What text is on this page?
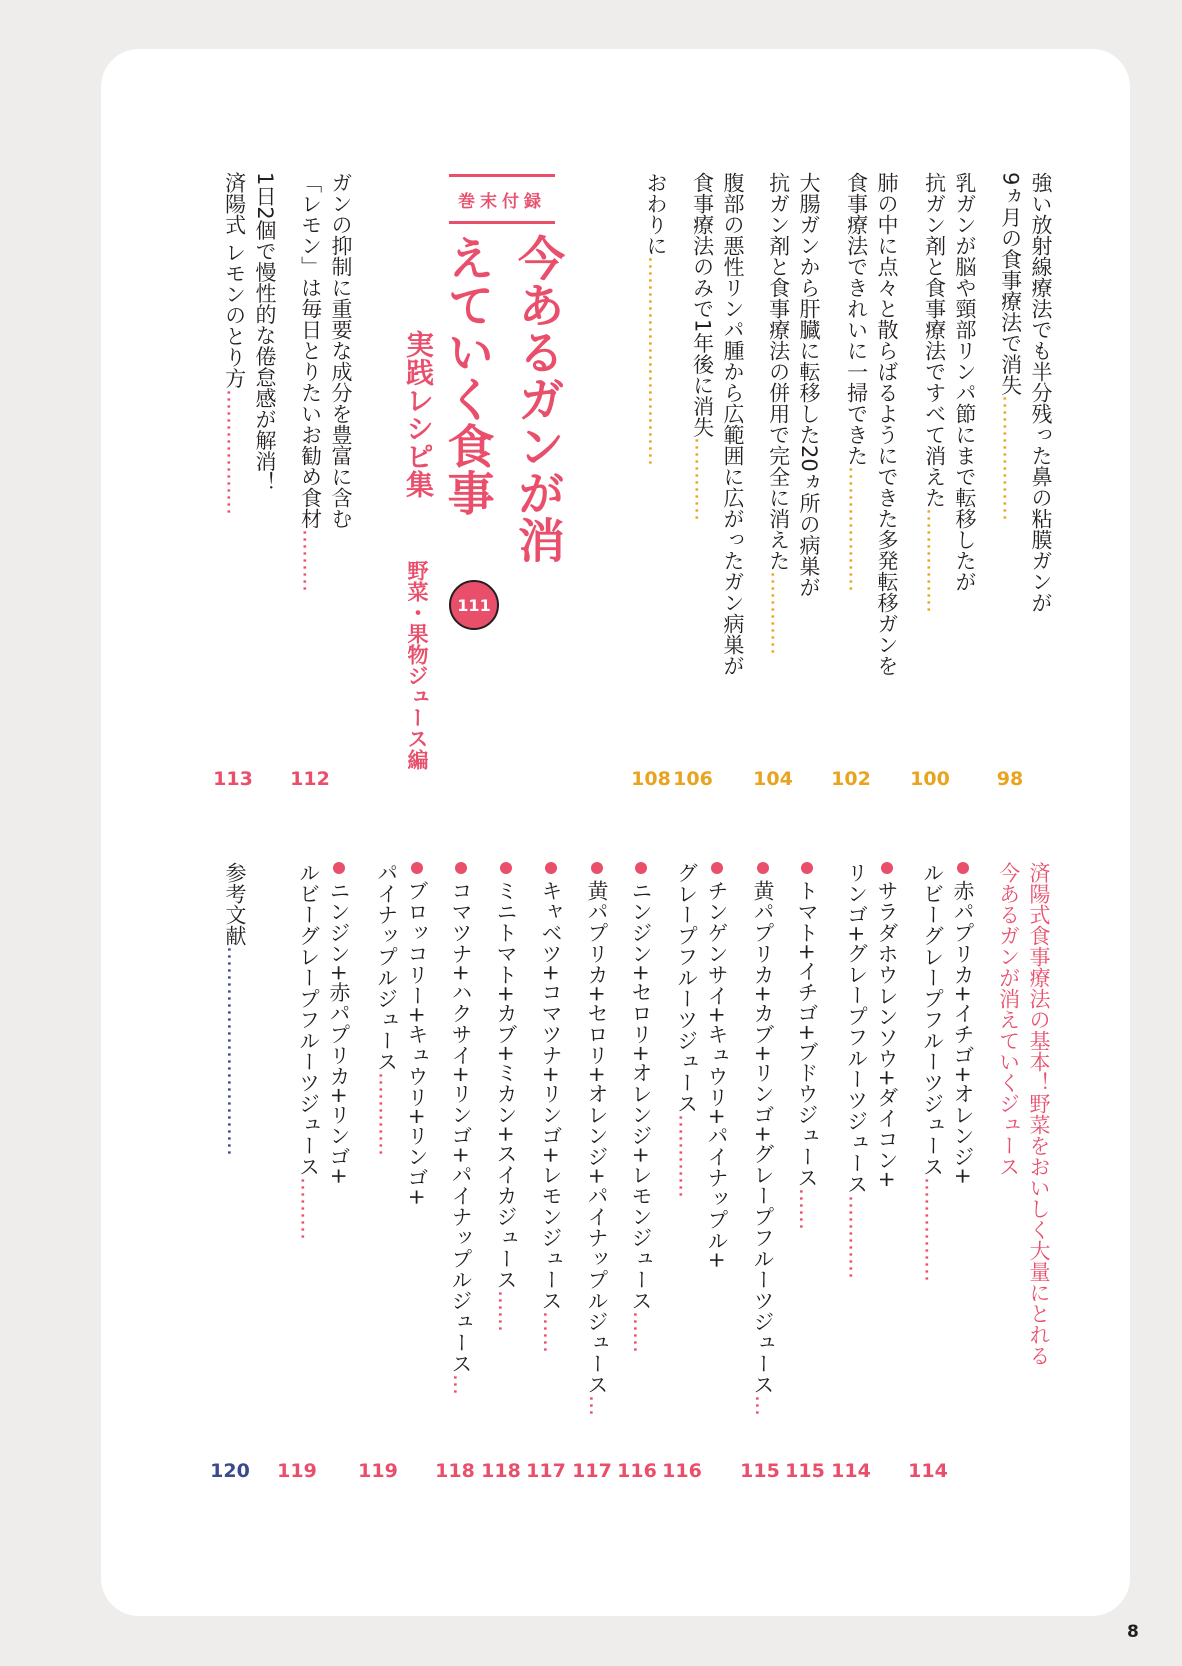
強い放射線療法でも半分残った鼻の粘膜ガンが
9ヵ月の食事療法で消失………………
98
乳ガンが脳や頸部リンパ節にまで転移したが
抗ガン剤と食事療法ですべて消えた……………
100
肺の中に点々と散らばるようにできた多発転移ガンを
食事療法できれいに一掃できた………………
102
大腸ガンから肝臓に転移した20ヵ所の病巣が
抗ガン剤と食事療法の併用で完全に消えた…………
104
腹部の悪性リンパ腫から広範囲に広がったガン病巣が
食事療法のみで1年後に消失…………
106
おわりに…………………………
108
巻末付録
今あるガンが消えていく食事
実践レシピ集
111
野菜・果物ジュース編
ガンの抑制に重要な成分を豊富に含む
「レモン」は毎日とりたいお勧め食材………
112
1日2個で慢性的な倦怠感が解消！
済陽式 レモンのとり方………………
113
済陽式食事療法の基本！野菜をおいしく大量にとれる
今あるガンが消えていくジュース
赤パプリカ+イチゴ+オレンジ+
ルビーグレープフルーツジュース……………
114
サラダホウレンソウ+ダイコン+
リンゴ+グレープフルーツジュース…………
114
トマト+イチゴ+ブドウジュース……
115
黄パプリカ+カブ+リンゴ+グレープフルーツジュース…
115
チンゲンサイ+キュウリ+パイナップル+
グレープフルーツジュース…………
116
ニンジン+セロリ+オレンジ+レモンジュース……
116
黄パプリカ+セロリ+オレンジ+パイナップルジュース…
117
キャベツ+コマツナ+リンゴ+レモンジュース……
117
ミニトマト+カブ+ミカン+スイカジュース……
118
コマツナ+ハクサイ+リンゴ+パイナップルジュース…
118
ブロッコリー+キュウリ+リンゴ+
パイナップルジュース…………
119
ニンジン+赤パプリカ+リンゴ+
ルビーグレープフルーツジュース………
119
参考文献…………………………
120
8
